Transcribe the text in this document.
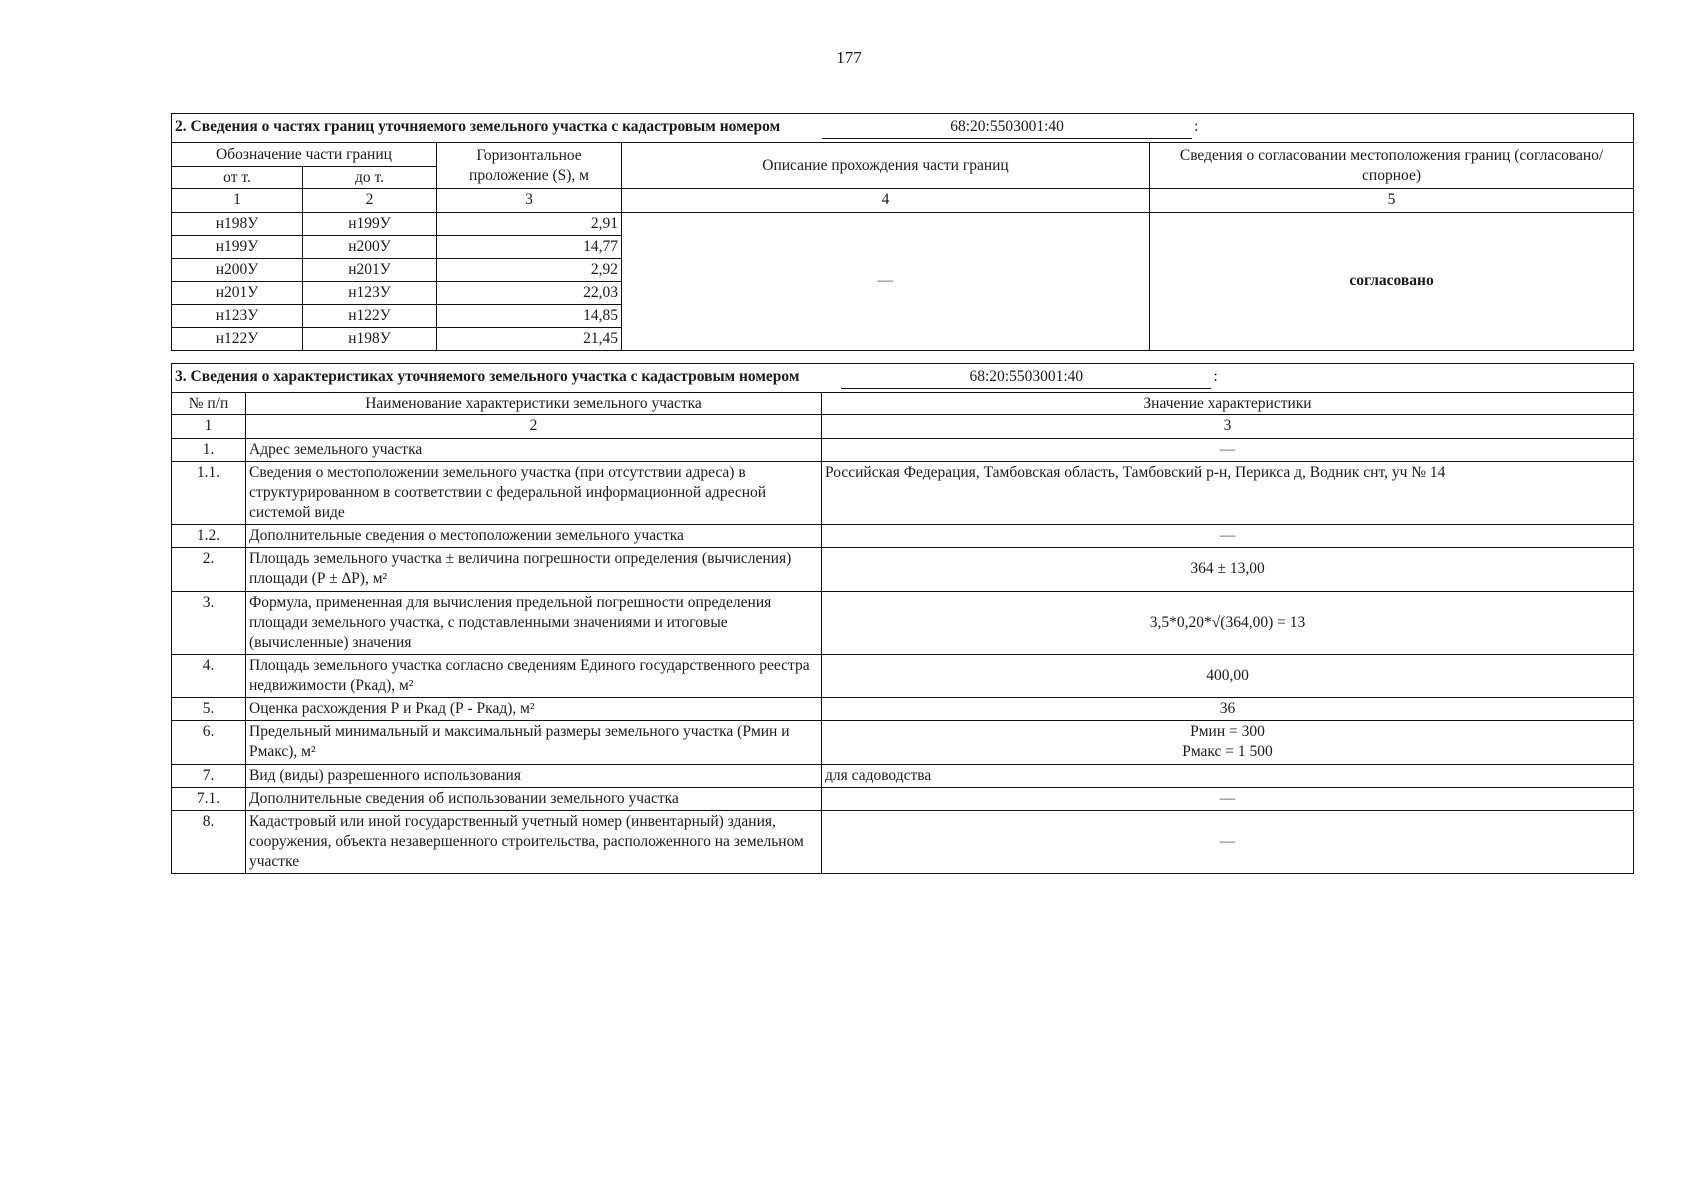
177
2. Сведения о частях границ уточняемого земельного участка с кадастровым номером 68:20:5503001:40 :				
Обозначение части границ		Горизонтальное проложение (S), м	Описание прохождения части границ	Сведения о согласовании местоположения границ (согласовано/спорное)
от т.	до т.			
1	2	3	4	5
н198У	н199У	2,91	—	согласовано
н199У	н200У	14,77		
н200У	н201У	2,92		
н201У	н123У	22,03		
н123У	н122У	14,85		
н122У	н198У	21,45		
3. Сведения о характеристиках уточняемого земельного участка с кадастровым номером 68:20:5503001:40 :		
№ п/п	Наименование характеристики земельного участка	Значение характеристики
1	2	3
1.	Адрес земельного участка	—
1.1.	Сведения о местоположении земельного участка (при отсутствии адреса) в структурированном в соответствии с федеральной информационной адресной системой виде	Российская Федерация, Тамбовская область, Тамбовский р-н, Перикса д, Водник снт, уч № 14
1.2.	Дополнительные сведения о местоположении земельного участка	—
2.	Площадь земельного участка ± величина погрешности определения (вычисления) площади (Р ± ∆Р), м²	364 ± 13,00
3.	Формула, примененная для вычисления предельной погрешности определения площади земельного участка, с подставленными значениями и итоговые (вычисленные) значения	3,5*0,20*√(364,00) = 13
4.	Площадь земельного участка согласно сведениям Единого государственного реестра недвижимости (Ркад), м²	400,00
5.	Оценка расхождения Р и Ркад (Р - Ркад), м²	36
6.	Предельный минимальный и максимальный размеры земельного участка (Рмин и Рмакс), м²	Рмин = 300
Рмакс = 1 500

7.	Вид (виды) разрешенного использования	для садоводства
7.1.	Дополнительные сведения об использовании земельного участка	—
8.	Кадастровый или иной государственный учетный номер (инвентарный) здания, сооружения, объекта незавершенного строительства, расположенного на земельном участке	—
